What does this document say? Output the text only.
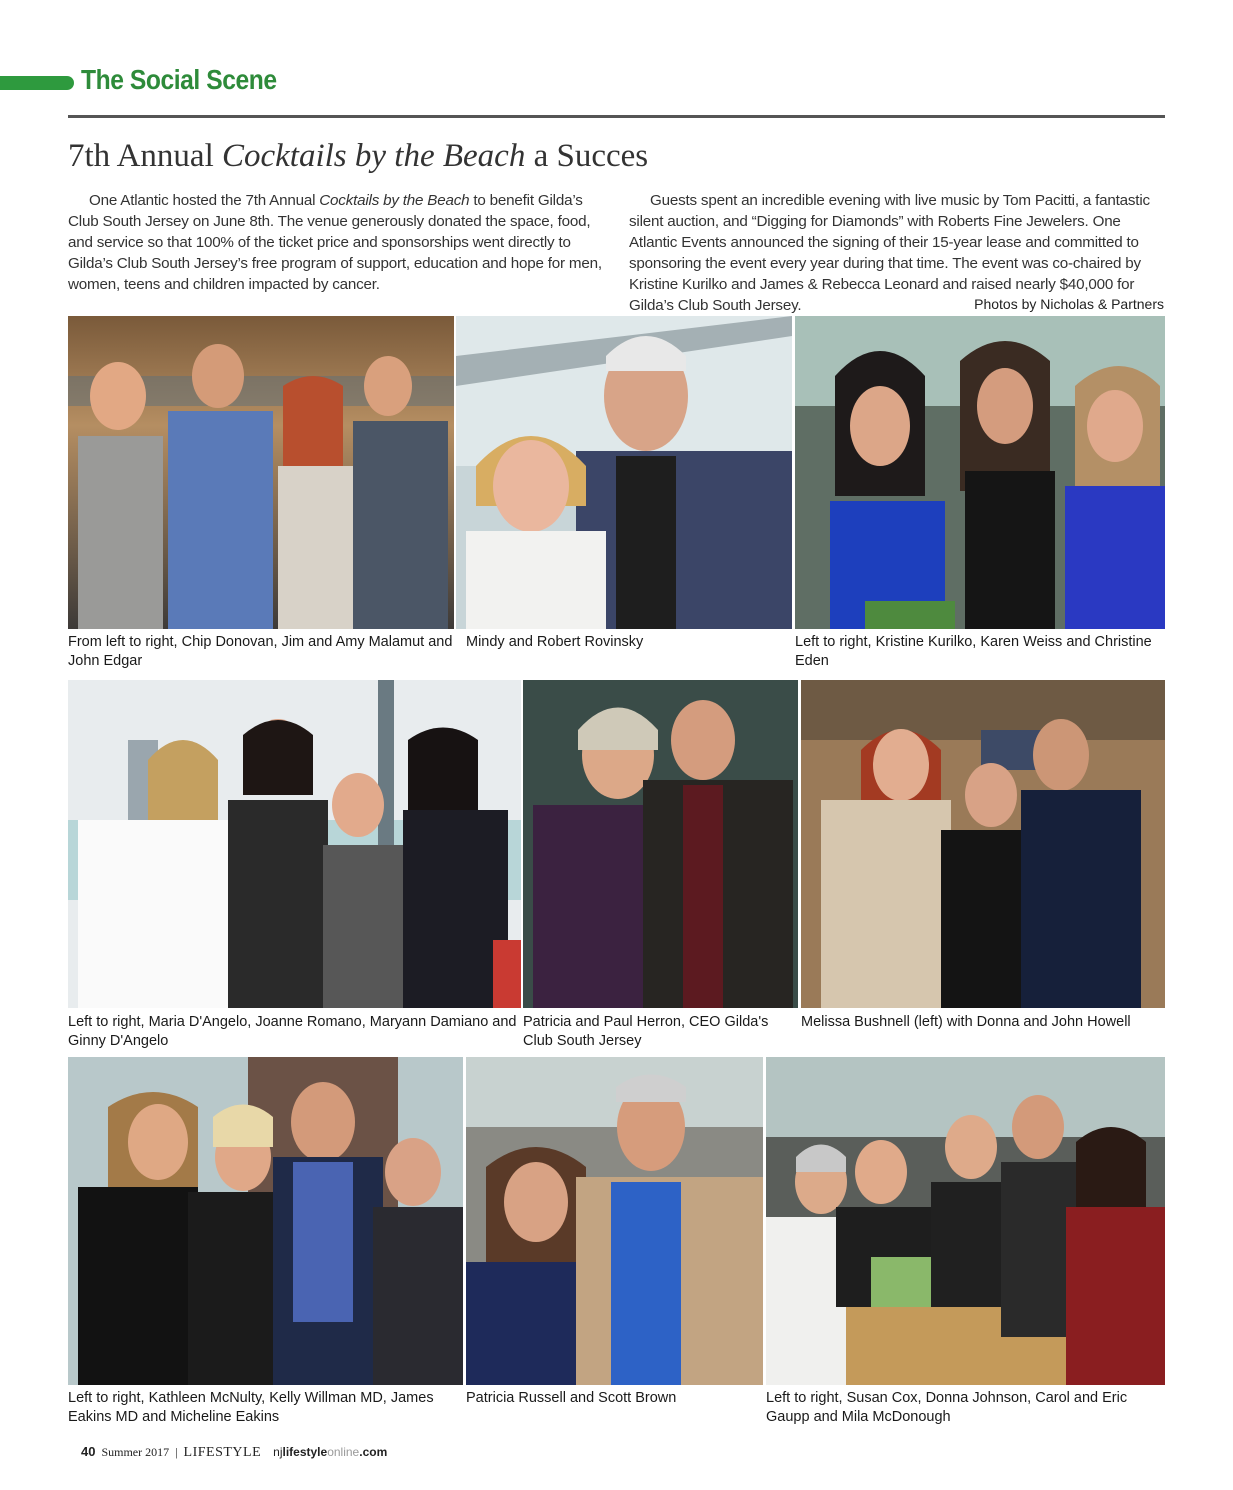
The Social Scene
7th Annual Cocktails by the Beach a Succes
One Atlantic hosted the 7th Annual Cocktails by the Beach to benefit Gilda’s Club South Jersey on June 8th. The venue generously donated the space, food, and service so that 100% of the ticket price and sponsorships went directly to Gilda’s Club South Jersey’s free program of support, education and hope for men, women, teens and children impacted by cancer.
Guests spent an incredible evening with live music by Tom Pacitti, a fantastic silent auction, and “Digging for Diamonds” with Roberts Fine Jewelers. One Atlantic Events announced the signing of their 15-year lease and committed to sponsoring the event every year during that time. The event was co-chaired by Kristine Kurilko and James & Rebecca Leonard and raised nearly $40,000 for Gilda’s Club South Jersey.	Photos by Nicholas & Partners
From left to right, Chip Donovan, Jim and Amy Malamut and John Edgar
Mindy and Robert Rovinsky	Left to right, Kristine Kurilko, Karen Weiss and Christine Eden
Left to right, Maria D'Angelo, Joanne Romano, Maryann Damiano and Ginny D'Angelo
Patricia and Paul Herron, CEO Gilda's Club South Jersey
Melissa Bushnell (left) with Donna and John Howell
Left to right, Kathleen McNulty, Kelly Willman MD, James Eakins MD and Micheline Eakins
Patricia Russell and Scott Brown	Left to right, Susan Cox, Donna Johnson, Carol and Eric Gaupp and Mila McDonough
40 Summer 2017 | LIFESTYLE njlifestyleonline.com
